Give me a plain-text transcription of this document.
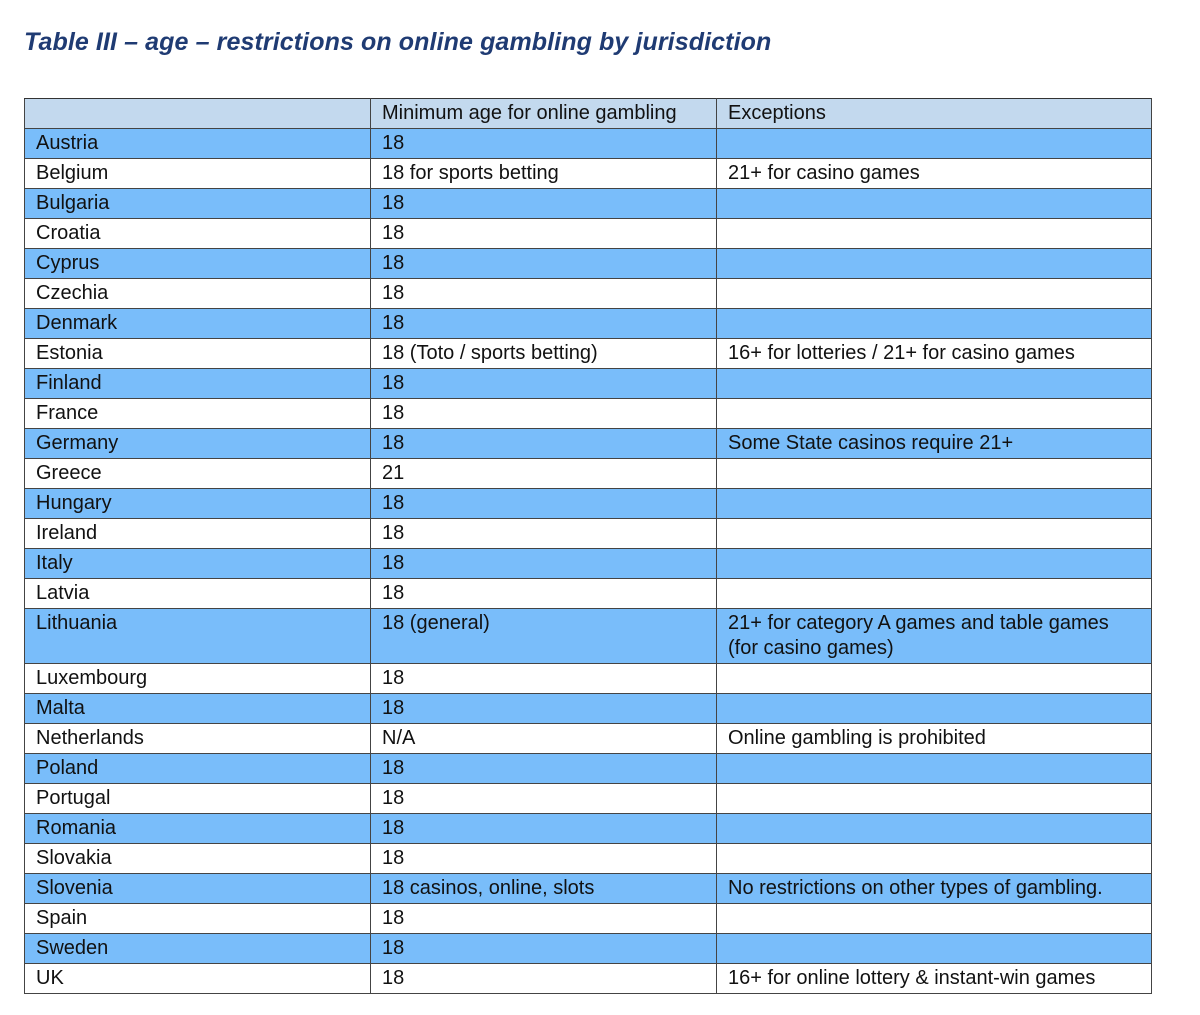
Table III – age – restrictions on online gambling by jurisdiction
	Minimum age for online gambling	Exceptions
Austria	18	
Belgium	18 for sports betting	21+ for casino games
Bulgaria	18	
Croatia	18	
Cyprus	18	
Czechia	18	
Denmark	18	
Estonia	18 (Toto / sports betting)	16+ for lotteries / 21+ for casino games
Finland	18	
France	18	
Germany	18	Some State casinos require 21+
Greece	21	
Hungary	18	
Ireland	18	
Italy	18	
Latvia	18	
Lithuania	18 (general)	21+ for category A games and table games
(for casino games)

Luxembourg	18	
Malta	18	
Netherlands	N/A	Online gambling is prohibited
Poland	18	
Portugal	18	
Romania	18	
Slovakia	18	
Slovenia	18 casinos, online, slots	No restrictions on other types of gambling.
Spain	18	
Sweden	18	
UK	18	16+ for online lottery & instant-win games
